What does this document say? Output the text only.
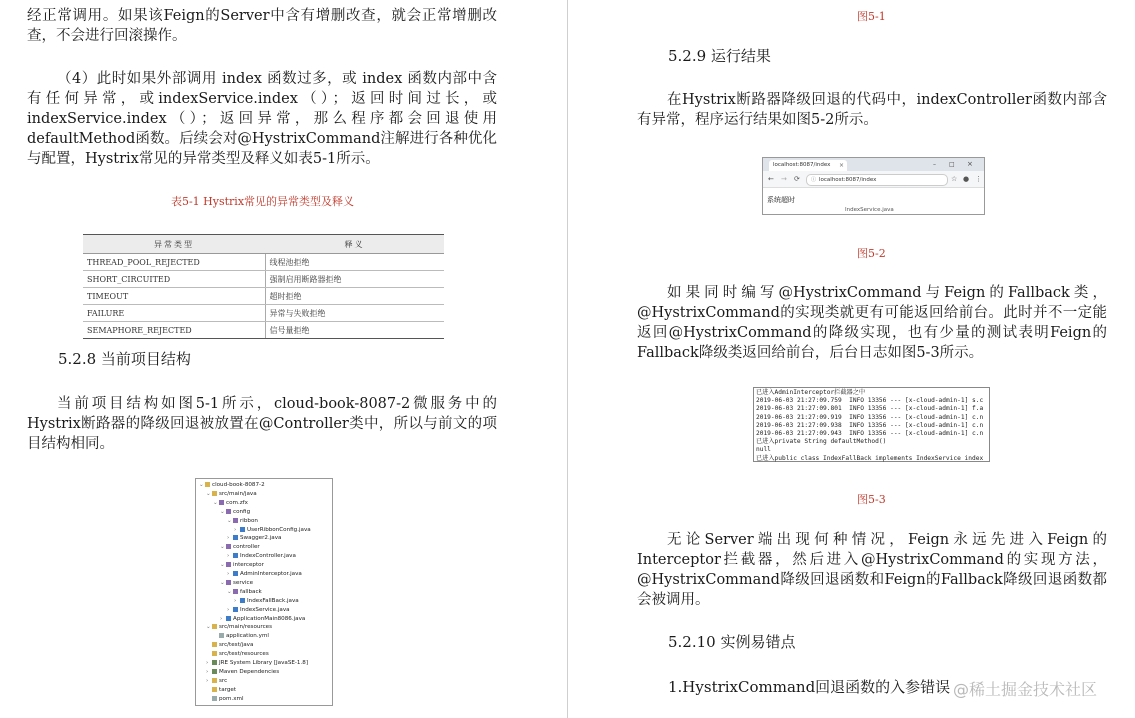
经正常调用。如果该Feign的Server中含有增删改查，就会正常增删改查，不会进行回滚操作。
（4）此时如果外部调用 index 函数过多，或 index 函数内部中含有任何异常，或indexService.index（）；返回时间过长，或indexService.index（）；返回异常，那么程序都会回退使用defaultMethod函数。后续会对@HystrixCommand注解进行各种优化与配置，Hystrix常见的异常类型及释义如表5-1所示。
表5-1 Hystrix常见的异常类型及释义
异常类型	释义
THREAD_POOL_REJECTED	线程池拒绝
SHORT_CIRCUITED	强制启用断路器拒绝
TIMEOUT	超时拒绝
FAILURE	异常与失败拒绝
SEMAPHORE_REJECTED	信号量拒绝
5.2.8 当前项目结构
当前项目结构如图5-1所示，cloud-book-8087-2微服务中的Hystrix断路器的降级回退被放置在@Controller类中，所以与前文的项目结构相同。
⌄ cloud-book-8087-2
⌄ src/main/java
⌄ com.zfx
⌄ config
⌄ ribbon
› UserRibbonConfig.java
› Swagger2.java
⌄ controller
› IndexController.java
⌄ interceptor
› AdminInterceptor.java
⌄ service
⌄ fallback
› IndexFallBack.java
› IndexService.java
› ApplicationMain8086.java
⌄ src/main/resources
application.yml
src/test/java
src/test/resources
› JRE System Library [JavaSE-1.8]
› Maven Dependencies
› src
target
pom.xml
图5-1
5.2.9 运行结果
在Hystrix断路器降级回退的代码中，indexController函数内部含有异常，程序运行结果如图5-2所示。
localhost:8087/index ×	– □ ×
← → ⟳ ⓘ localhost:8087/index	☆ ● ⋮
系统超时
IndexService.java
图5-2
如果同时编写@HystrixCommand与Feign的Fallback类，@HystrixCommand的实现类就更有可能返回给前台。此时并不一定能返回@HystrixCommand的降级实现，也有少量的测试表明Feign的Fallback降级类返回给前台，后台日志如图5-3所示。
已进入AdminInterceptor拦截器之中
2019-06-03 21:27:09.759  INFO 13356 --- [x-cloud-admin-1] s.c
2019-06-03 21:27:09.801  INFO 13356 --- [x-cloud-admin-1] f.a
2019-06-03 21:27:09.919  INFO 13356 --- [x-cloud-admin-1] c.n
2019-06-03 21:27:09.938  INFO 13356 --- [x-cloud-admin-1] c.n
2019-06-03 21:27:09.943  INFO 13356 --- [x-cloud-admin-1] c.n
已进入private String defaultMethod()
null
已进入public class IndexFallBack implements IndexService index
图5-3
无论Server端出现何种情况，Feign永远先进入Feign的Interceptor拦截器，然后进入@HystrixCommand的实现方法，@HystrixCommand降级回退函数和Feign的Fallback降级回退函数都会被调用。
5.2.10 实例易错点
1.HystrixCommand回退函数的入参错误 @稀土掘金技术社区
